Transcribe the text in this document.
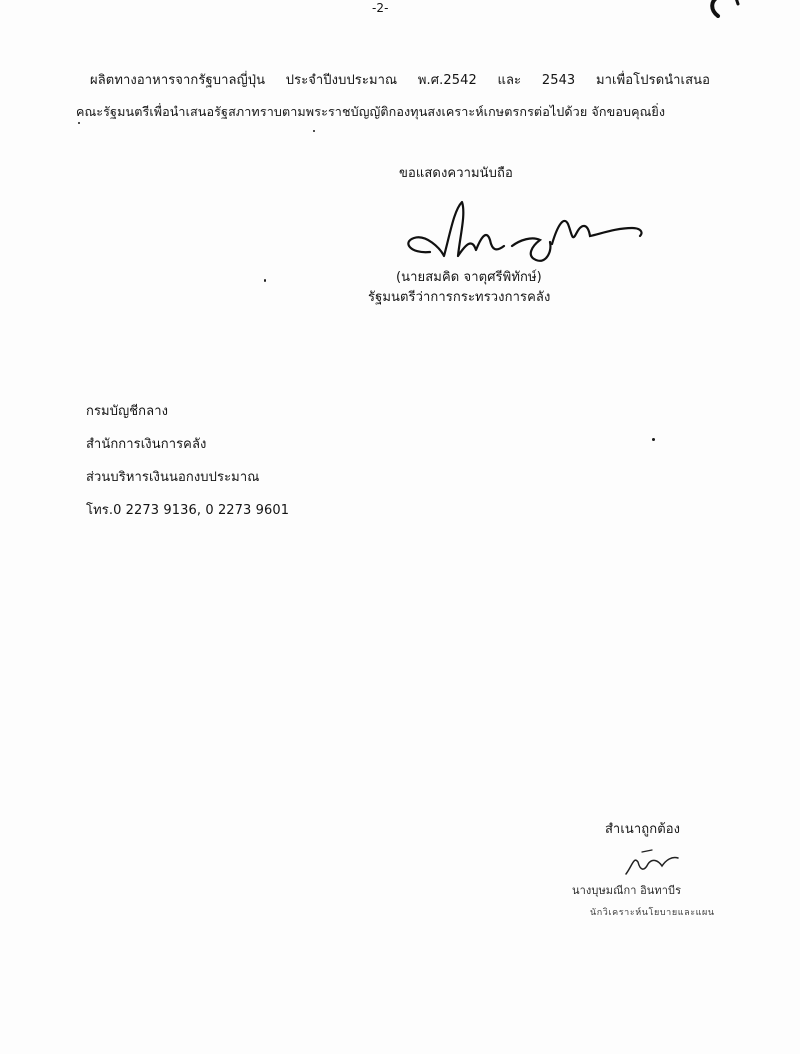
-2-
ผลิตทางอาหารจากรัฐบาลญี่ปุ่น ประจำปีงบประมาณ พ.ศ.2542 และ 2543 มาเพื่อโปรดนำเสนอ
คณะรัฐมนตรีเพื่อนำเสนอรัฐสภาทราบตามพระราชบัญญัติกองทุนสงเคราะห์เกษตรกรต่อไปด้วย จักขอบคุณยิ่ง
ขอแสดงความนับถือ
(นายสมคิด จาตุศรีพิทักษ์)
รัฐมนตรีว่าการกระทรวงการคลัง
กรมบัญชีกลาง
สำนักการเงินการคลัง
ส่วนบริหารเงินนอกงบประมาณ
โทร.0 2273 9136, 0 2273 9601
สำเนาถูกต้อง
นางบุษมณีกา อินทาบีร
นักวิเคราะห์นโยบายและแผน
